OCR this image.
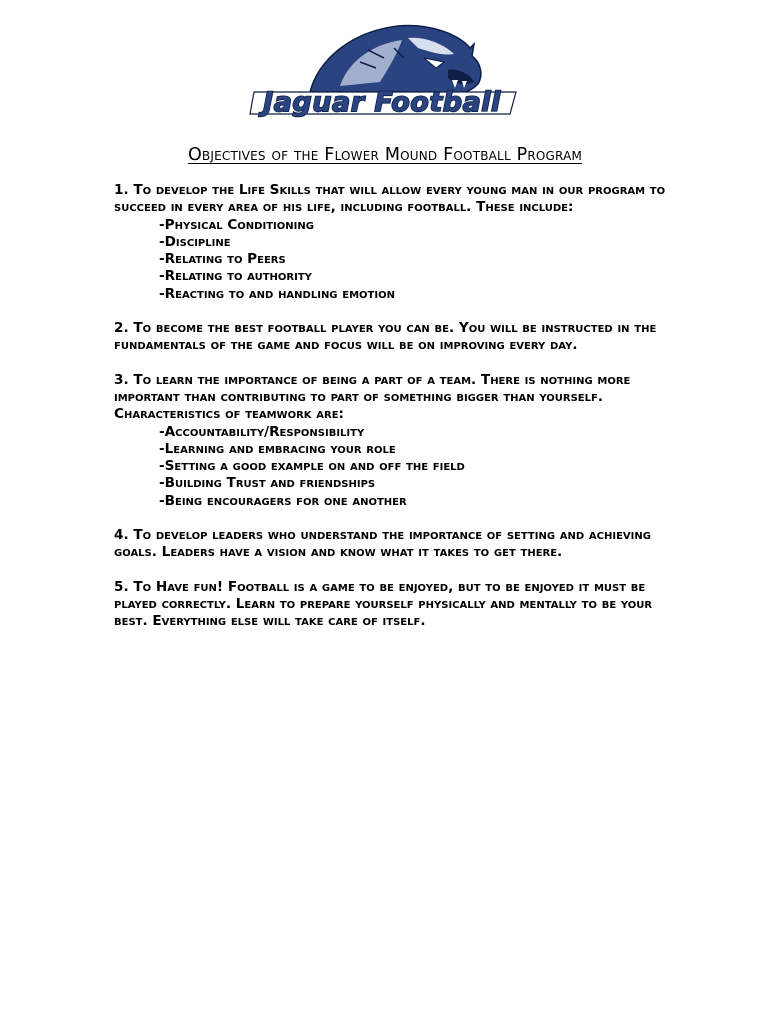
Jaguar Football
Objectives of the Flower Mound Football Program

1. To develop the Life Skills that will allow every young man in our program to succeed in every area of his life, including football. These include:

-Physical Conditioning
-Discipline
-Relating to Peers
-Relating to authority
-Reacting to and handling emotion

2. To become the best football player you can be. You will be instructed in the fundamentals of the game and focus will be on improving every day.

3. To learn the importance of being a part of a team. There is nothing more important than contributing to part of something bigger than yourself. Characteristics of teamwork are:

-Accountability/Responsibility
-Learning and embracing your role
-Setting a good example on and off the field
-Building Trust and friendships
-Being encouragers for one another

4. To develop leaders who understand the importance of setting and achieving goals. Leaders have a vision and know what it takes to get there.

5. To Have fun! Football is a game to be enjoyed, but to be enjoyed it must be played correctly. Learn to prepare yourself physically and mentally to be your best. Everything else will take care of itself.
